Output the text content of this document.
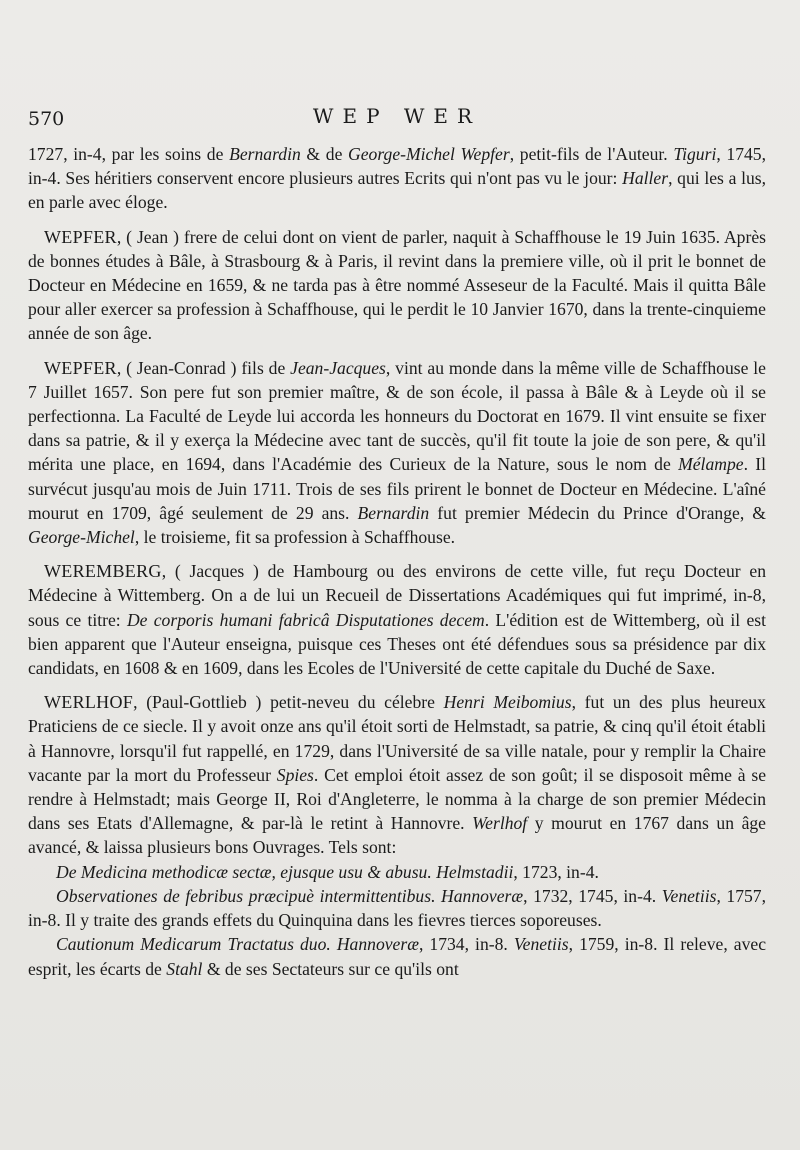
570	WEP WER

1727, in-4, par les soins de Bernardin & de George-Michel Wepfer, petit-fils de l'Auteur. Tiguri, 1745, in-4. Ses héritiers conservent encore plusieurs autres Ecrits qui n'ont pas vu le jour: Haller, qui les a lus, en parle avec éloge.

WEPFER, ( Jean ) frere de celui dont on vient de parler, naquit à Schaffhouse le 19 Juin 1635. Après de bonnes études à Bâle, à Strasbourg & à Paris, il revint dans la premiere ville, où il prit le bonnet de Docteur en Médecine en 1659, & ne tarda pas à être nommé Asseseur de la Faculté. Mais il quitta Bâle pour aller exercer sa profession à Schaffhouse, qui le perdit le 10 Janvier 1670, dans la trente-cinquieme année de son âge.

WEPFER, ( Jean-Conrad ) fils de Jean-Jacques, vint au monde dans la même ville de Schaffhouse le 7 Juillet 1657. Son pere fut son premier maître, & de son école, il passa à Bâle & à Leyde où il se perfectionna. La Faculté de Leyde lui accorda les honneurs du Doctorat en 1679. Il vint ensuite se fixer dans sa patrie, & il y exerça la Médecine avec tant de succès, qu'il fit toute la joie de son pere, & qu'il mérita une place, en 1694, dans l'Académie des Curieux de la Nature, sous le nom de Mélampe. Il survécut jusqu'au mois de Juin 1711. Trois de ses fils prirent le bonnet de Docteur en Médecine. L'aîné mourut en 1709, âgé seulement de 29 ans. Bernardin fut premier Médecin du Prince d'Orange, & George-Michel, le troisieme, fit sa profession à Schaffhouse.

WEREMBERG, ( Jacques ) de Hambourg ou des environs de cette ville, fut reçu Docteur en Médecine à Wittemberg. On a de lui un Recueil de Dissertations Académiques qui fut imprimé, in-8, sous ce titre: De corporis humani fabricâ Disputationes decem. L'édition est de Wittemberg, où il est bien apparent que l'Auteur enseigna, puisque ces Theses ont été défendues sous sa présidence par dix candidats, en 1608 & en 1609, dans les Ecoles de l'Université de cette capitale du Duché de Saxe.

WERLHOF, (Paul-Gottlieb ) petit-neveu du célebre Henri Meibomius, fut un des plus heureux Praticiens de ce siecle. Il y avoit onze ans qu'il étoit sorti de Helmstadt, sa patrie, & cinq qu'il étoit établi à Hannovre, lorsqu'il fut rappellé, en 1729, dans l'Université de sa ville natale, pour y remplir la Chaire vacante par la mort du Professeur Spies. Cet emploi étoit assez de son goût; il se disposoit même à se rendre à Helmstadt; mais George II, Roi d'Angleterre, le nomma à la charge de son premier Médecin dans ses Etats d'Allemagne, & par-là le retint à Hannovre. Werlhof y mourut en 1767 dans un âge avancé, & laissa plusieurs bons Ouvrages. Tels sont:

De Medicina methodicæ sectæ, ejusque usu & abusu. Helmstadii, 1723, in-4.

Observationes de febribus præcipuè intermittentibus. Hannoveræ, 1732, 1745, in-4. Venetiis, 1757, in-8. Il y traite des grands effets du Quinquina dans les fievres tierces soporeuses.

Cautionum Medicarum Tractatus duo. Hannoveræ, 1734, in-8. Venetiis, 1759, in-8. Il releve, avec esprit, les écarts de Stahl & de ses Sectateurs sur ce qu'ils ont
